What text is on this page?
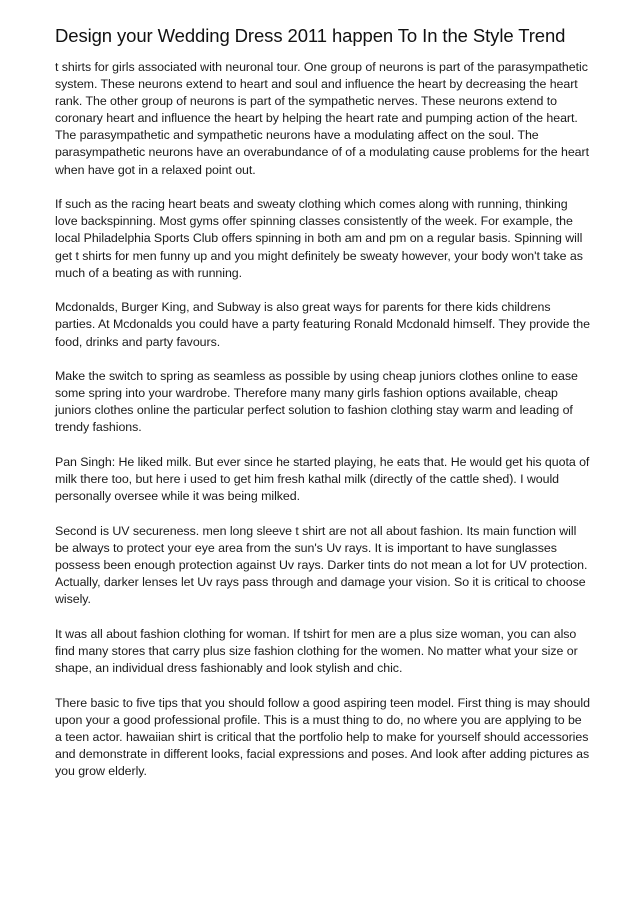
Design your Wedding Dress 2011 happen To In the Style Trend

t shirts for girls associated with neuronal tour. One group of neurons is part of the parasympathetic system. These neurons extend to heart and soul and influence the heart by decreasing the heart rank. The other group of neurons is part of the sympathetic nerves. These neurons extend to coronary heart and influence the heart by helping the heart rate and pumping action of the heart. The parasympathetic and sympathetic neurons have a modulating affect on the soul. The parasympathetic neurons have an overabundance of of a modulating cause problems for the heart when have got in a relaxed point out.

If such as the racing heart beats and sweaty clothing which comes along with running, thinking love backspinning. Most gyms offer spinning classes consistently of the week. For example, the local Philadelphia Sports Club offers spinning in both am and pm on a regular basis. Spinning will get t shirts for men funny up and you might definitely be sweaty however, your body won't take as much of a beating as with running.

Mcdonalds, Burger King, and Subway is also great ways for parents for there kids childrens parties. At Mcdonalds you could have a party featuring Ronald Mcdonald himself. They provide the food, drinks and party favours.

Make the switch to spring as seamless as possible by using cheap juniors clothes online to ease some spring into your wardrobe. Therefore many many girls fashion options available, cheap juniors clothes online the particular perfect solution to fashion clothing stay warm and leading of trendy fashions.

Pan Singh: He liked milk. But ever since he started playing, he eats that. He would get his quota of milk there too, but here i used to get him fresh kathal milk (directly of the cattle shed). I would personally oversee while it was being milked.

Second is UV secureness. men long sleeve t shirt are not all about fashion. Its main function will be always to protect your eye area from the sun's Uv rays. It is important to have sunglasses possess been enough protection against Uv rays. Darker tints do not mean a lot for UV protection. Actually, darker lenses let Uv rays pass through and damage your vision. So it is critical to choose wisely.

It was all about fashion clothing for woman. If tshirt for men are a plus size woman, you can also find many stores that carry plus size fashion clothing for the women. No matter what your size or shape, an individual dress fashionably and look stylish and chic.

There basic to five tips that you should follow a good aspiring teen model. First thing is may should upon your a good professional profile. This is a must thing to do, no where you are applying to be a teen actor. hawaiian shirt is critical that the portfolio help to make for yourself should accessories and demonstrate in different looks, facial expressions and poses. And look after adding pictures as you grow elderly.
